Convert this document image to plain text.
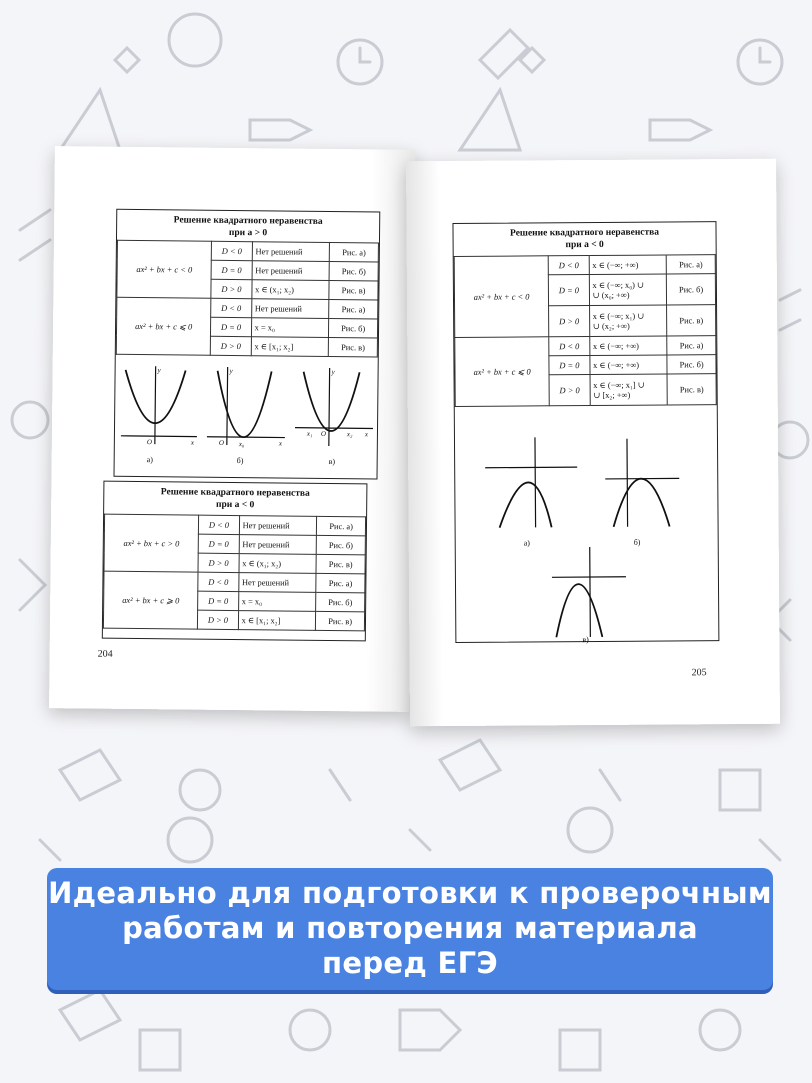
Решение квадратного неравенства
при a > 0
ax² + bx + c < 0	D < 0	Нет решений	Рис. а)
	D = 0	Нет решений	Рис. б)
	D > 0	x ∈ (x₁; x₂)	Рис. в)
ax² + bx + c ⩽ 0	D < 0	Нет решений	Рис. а)
	D = 0	x = x₀	Рис. б)
	D > 0	x ∈ [x₁; x₂]	Рис. в)
y
x
O
y
x
O x₀
y
x
x₁	x₂
O
а)	б)	в)
Решение квадратного неравенства
при a < 0
ax² + bx + c > 0	D < 0	Нет решений	Рис. а)
	D = 0	Нет решений	Рис. б)
	D > 0	x ∈ (x₁; x₂)	Рис. в)
ax² + bx + c ⩾ 0	D < 0	Нет решений	Рис. а)
	D = 0	x = x₀	Рис. б)
	D > 0	x ∈ [x₁; x₂]	Рис. в)
204
Решение квадратного неравенства
при a < 0
ax² + bx + c < 0	D < 0	x ∈ (−∞; +∞)	Рис. а)
	D = 0	x ∈ (−∞; x₀) ∪
∪ (x₀; +∞)	Рис. б)
	D > 0	x ∈ (−∞; x₁) ∪
∪ (x₂; +∞)	Рис. в)
ax² + bx + c ⩽ 0	D < 0	x ∈ (−∞; +∞)	Рис. а)
	D = 0	x ∈ (−∞; +∞)	Рис. б)
	D > 0	x ∈ (−∞; x₁] ∪
∪ [x₂; +∞)	Рис. в)
а)	б)
в)
205
Идеально для подготовки к проверочным
работам и повторения материала
перед ЕГЭ
